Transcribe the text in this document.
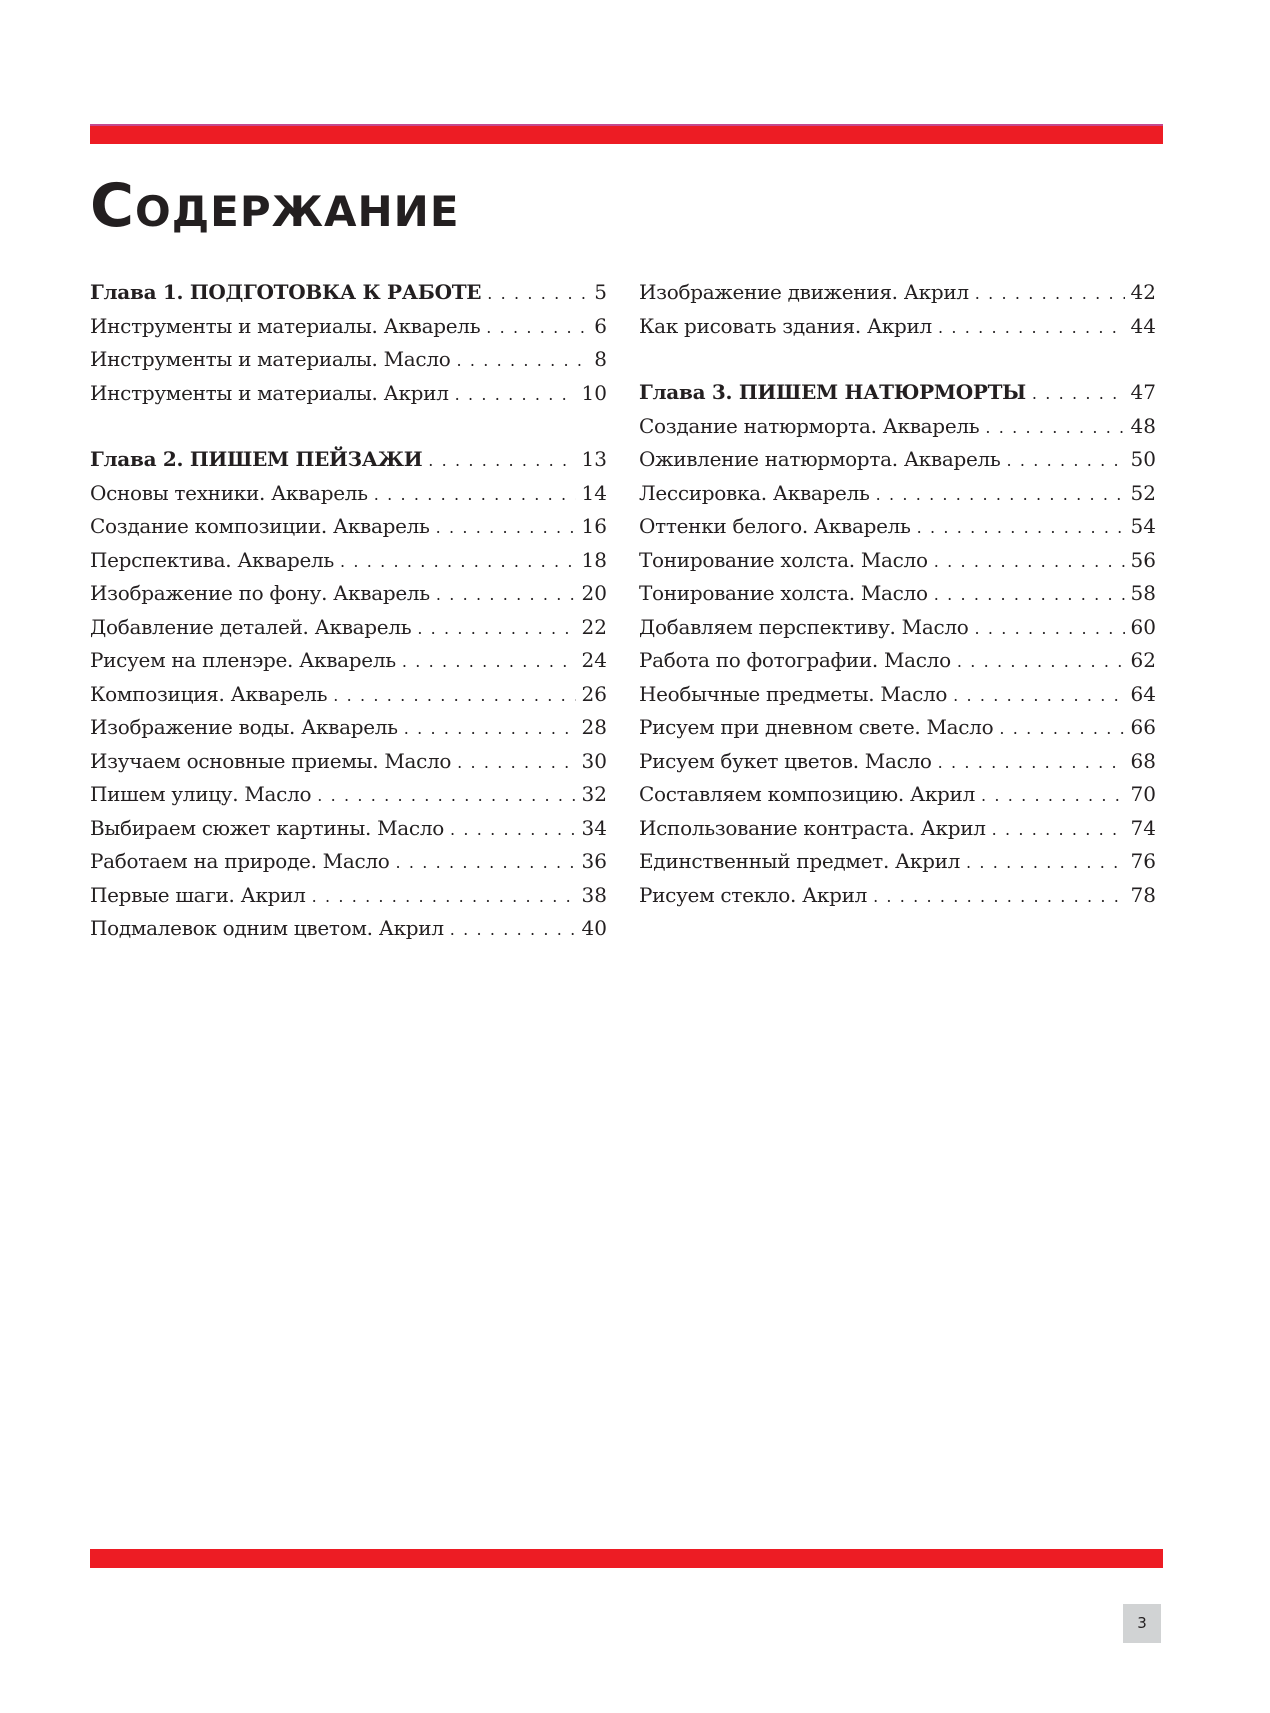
Содержание
Глава 1. ПОДГОТОВКА К РАБОТЕ . . .	5
Инструменты и материалы. Акварель . . .	6
Инструменты и материалы. Масло . . .	8
Инструменты и материалы. Акрил . . .	10
Глава 2. ПИШЕМ ПЕЙЗАЖИ . . .	13
Основы техники. Акварель . . .	14
Создание композиции. Акварель . . .	16
Перспектива. Акварель . . .	18
Изображение по фону. Акварель . . .	20
Добавление деталей. Акварель . . .	22
Рисуем на пленэре. Акварель . . .	24
Композиция. Акварель . . .	26
Изображение воды. Акварель . . .	28
Изучаем основные приемы. Масло . . .	30
Пишем улицу. Масло . . .	32
Выбираем сюжет картины. Масло . . .	34
Работаем на природе. Масло . . .	36
Первые шаги. Акрил . . .	38
Подмалевок одним цветом. Акрил . . .	40
Изображение движения. Акрил . . .	42
Как рисовать здания. Акрил . . .	44
Глава 3. ПИШЕМ НАТЮРМОРТЫ . . .	47
Создание натюрморта. Акварель . . .	48
Оживление натюрморта. Акварель . . .	50
Лессировка. Акварель . . .	52
Оттенки белого. Акварель . . .	54
Тонирование холста. Масло . . .	56
Тонирование холста. Масло . . .	58
Добавляем перспективу. Масло . . .	60
Работа по фотографии. Масло . . .	62
Необычные предметы. Масло . . .	64
Рисуем при дневном свете. Масло . . .	66
Рисуем букет цветов. Масло . . .	68
Составляем композицию. Акрил . . .	70
Использование контраста. Акрил . . .	74
Единственный предмет. Акрил . . .	76
Рисуем стекло. Акрил . . .	78
3
